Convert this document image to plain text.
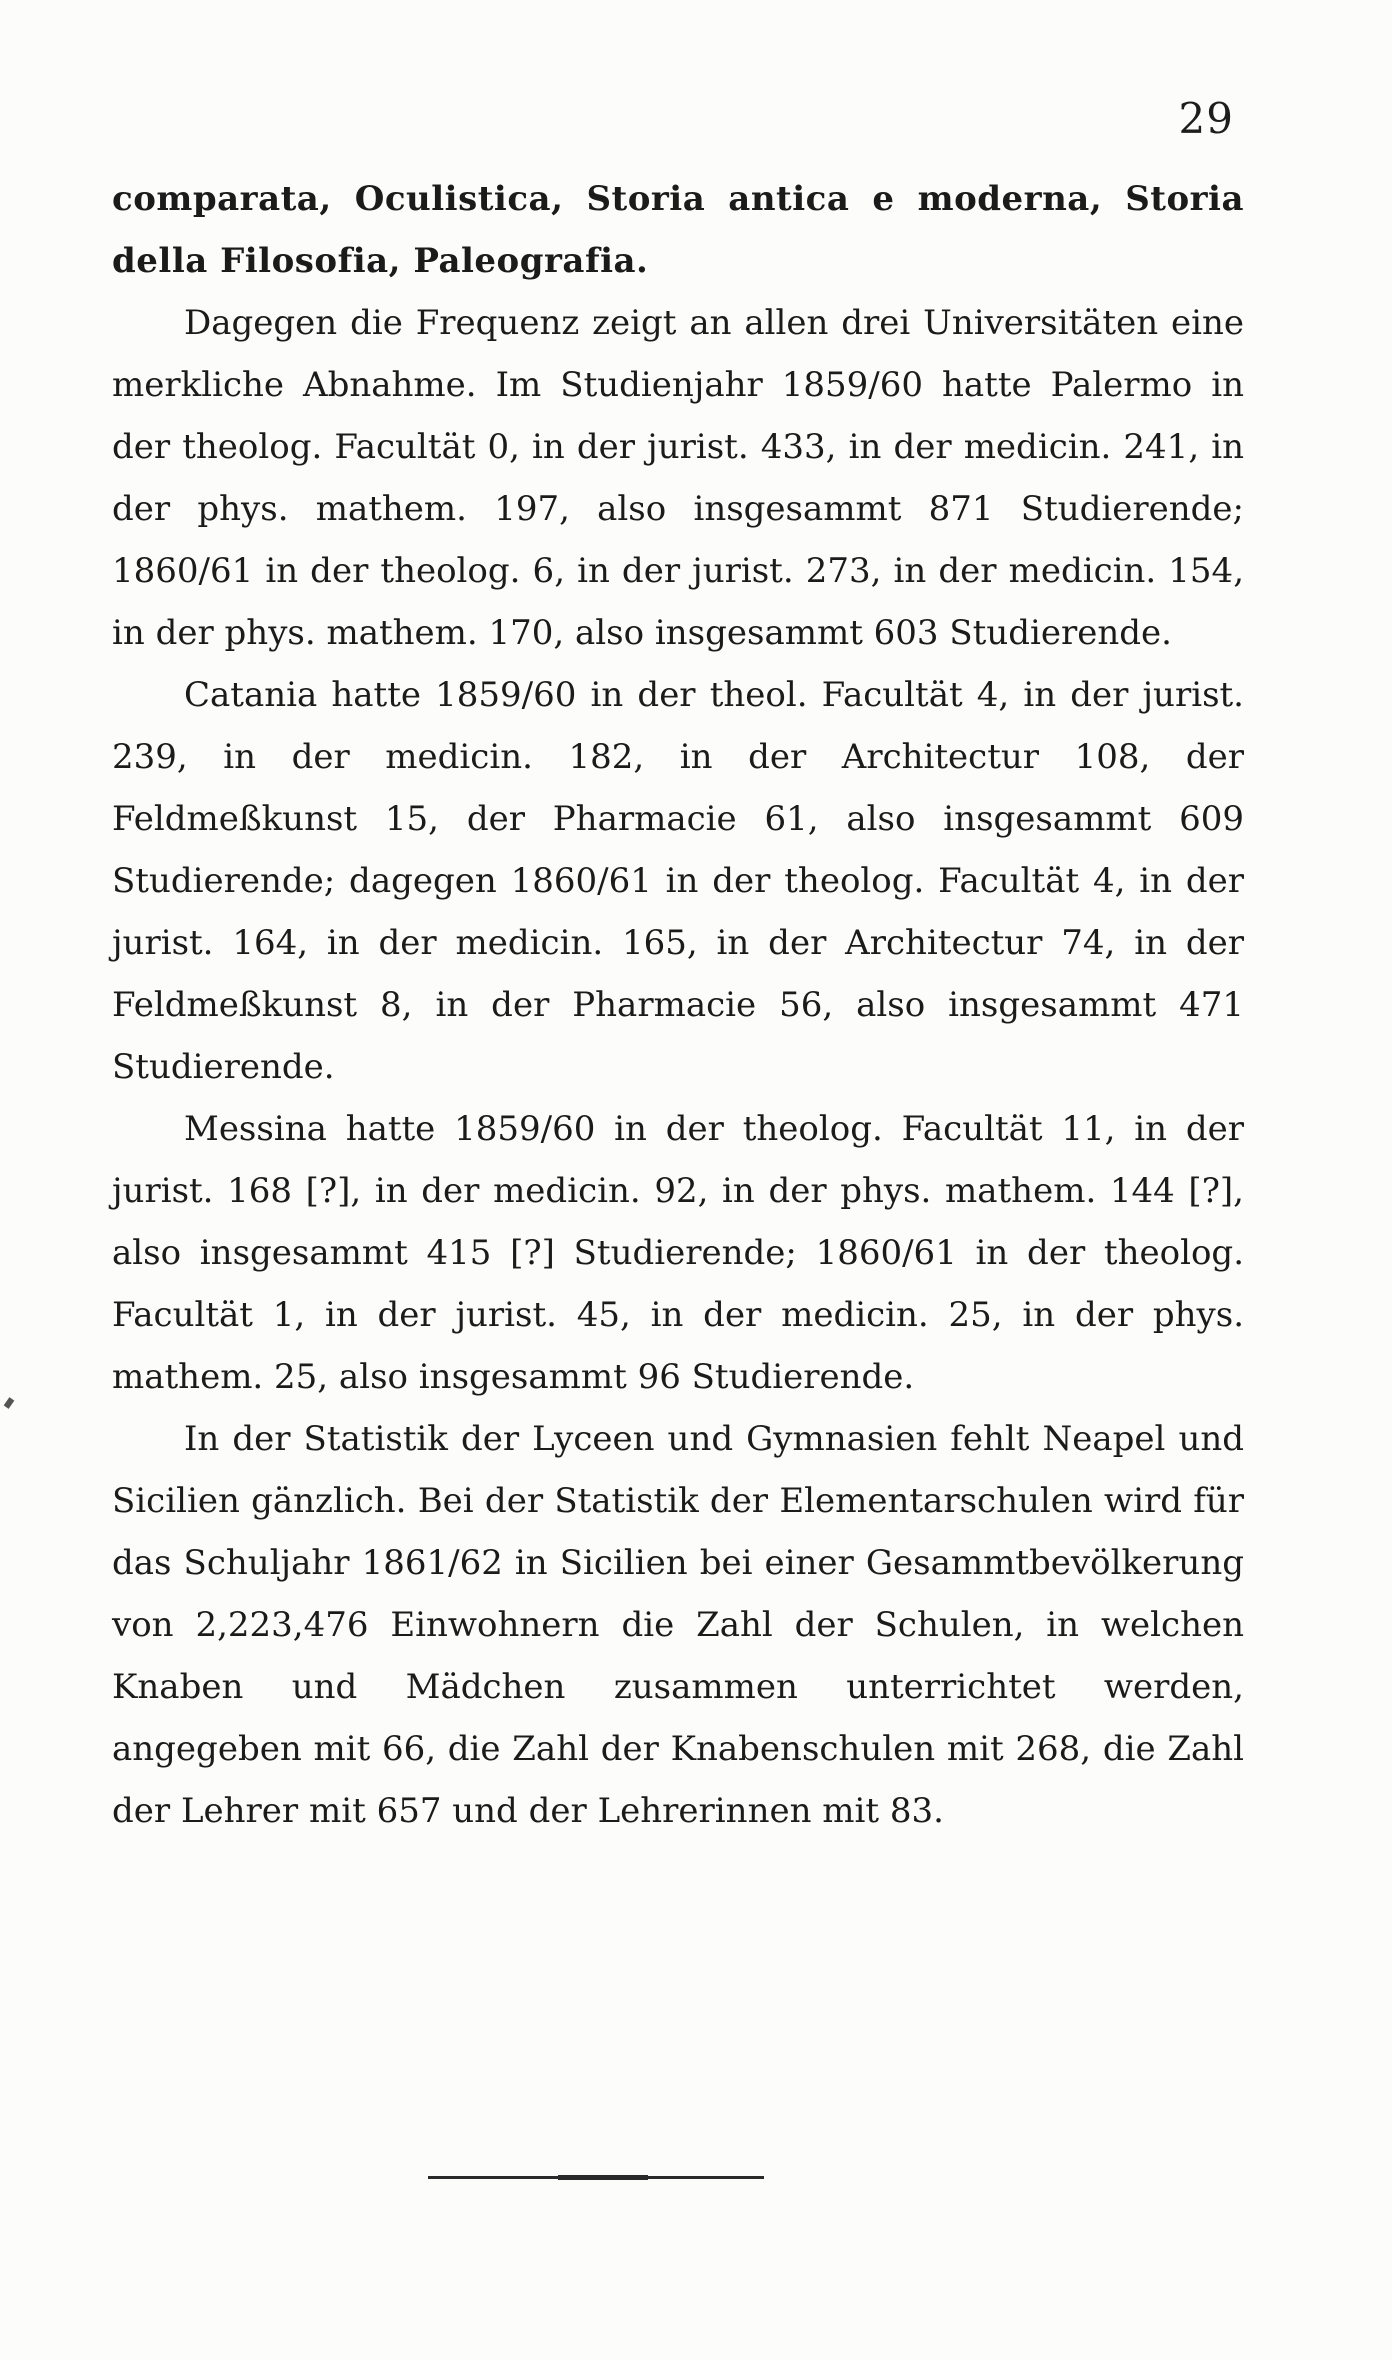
29

comparata, Oculistica, Storia antica e moderna, Storia della Filosofia, Paleografia.

Dagegen die Frequenz zeigt an allen drei Universitäten eine merkliche Abnahme. Im Studienjahr 1859/60 hatte Palermo in der theolog. Facultät 0, in der jurist. 433, in der medicin. 241, in der phys. mathem. 197, also insgesammt 871 Studierende; 1860/61 in der theolog. 6, in der jurist. 273, in der medicin. 154, in der phys. mathem. 170, also insgesammt 603 Studierende.

Catania hatte 1859/60 in der theol. Facultät 4, in der jurist. 239, in der medicin. 182, in der Architectur 108, der Feldmeßkunst 15, der Pharmacie 61, also insgesammt 609 Studierende; dagegen 1860/61 in der theolog. Facultät 4, in der jurist. 164, in der medicin. 165, in der Architectur 74, in der Feldmeßkunst 8, in der Pharmacie 56, also insgesammt 471 Studierende.

Messina hatte 1859/60 in der theolog. Facultät 11, in der jurist. 168 [?], in der medicin. 92, in der phys. mathem. 144 [?], also insgesammt 415 [?] Studierende; 1860/61 in der theolog. Facultät 1, in der jurist. 45, in der medicin. 25, in der phys. mathem. 25, also insgesammt 96 Studierende.

In der Statistik der Lyceen und Gymnasien fehlt Neapel und Sicilien gänzlich. Bei der Statistik der Elementarschulen wird für das Schuljahr 1861/62 in Sicilien bei einer Gesammtbevölkerung von 2,223,476 Einwohnern die Zahl der Schulen, in welchen Knaben und Mädchen zusammen unterrichtet werden, angegeben mit 66, die Zahl der Knabenschulen mit 268, die Zahl der Lehrer mit 657 und der Lehrerinnen mit 83.
